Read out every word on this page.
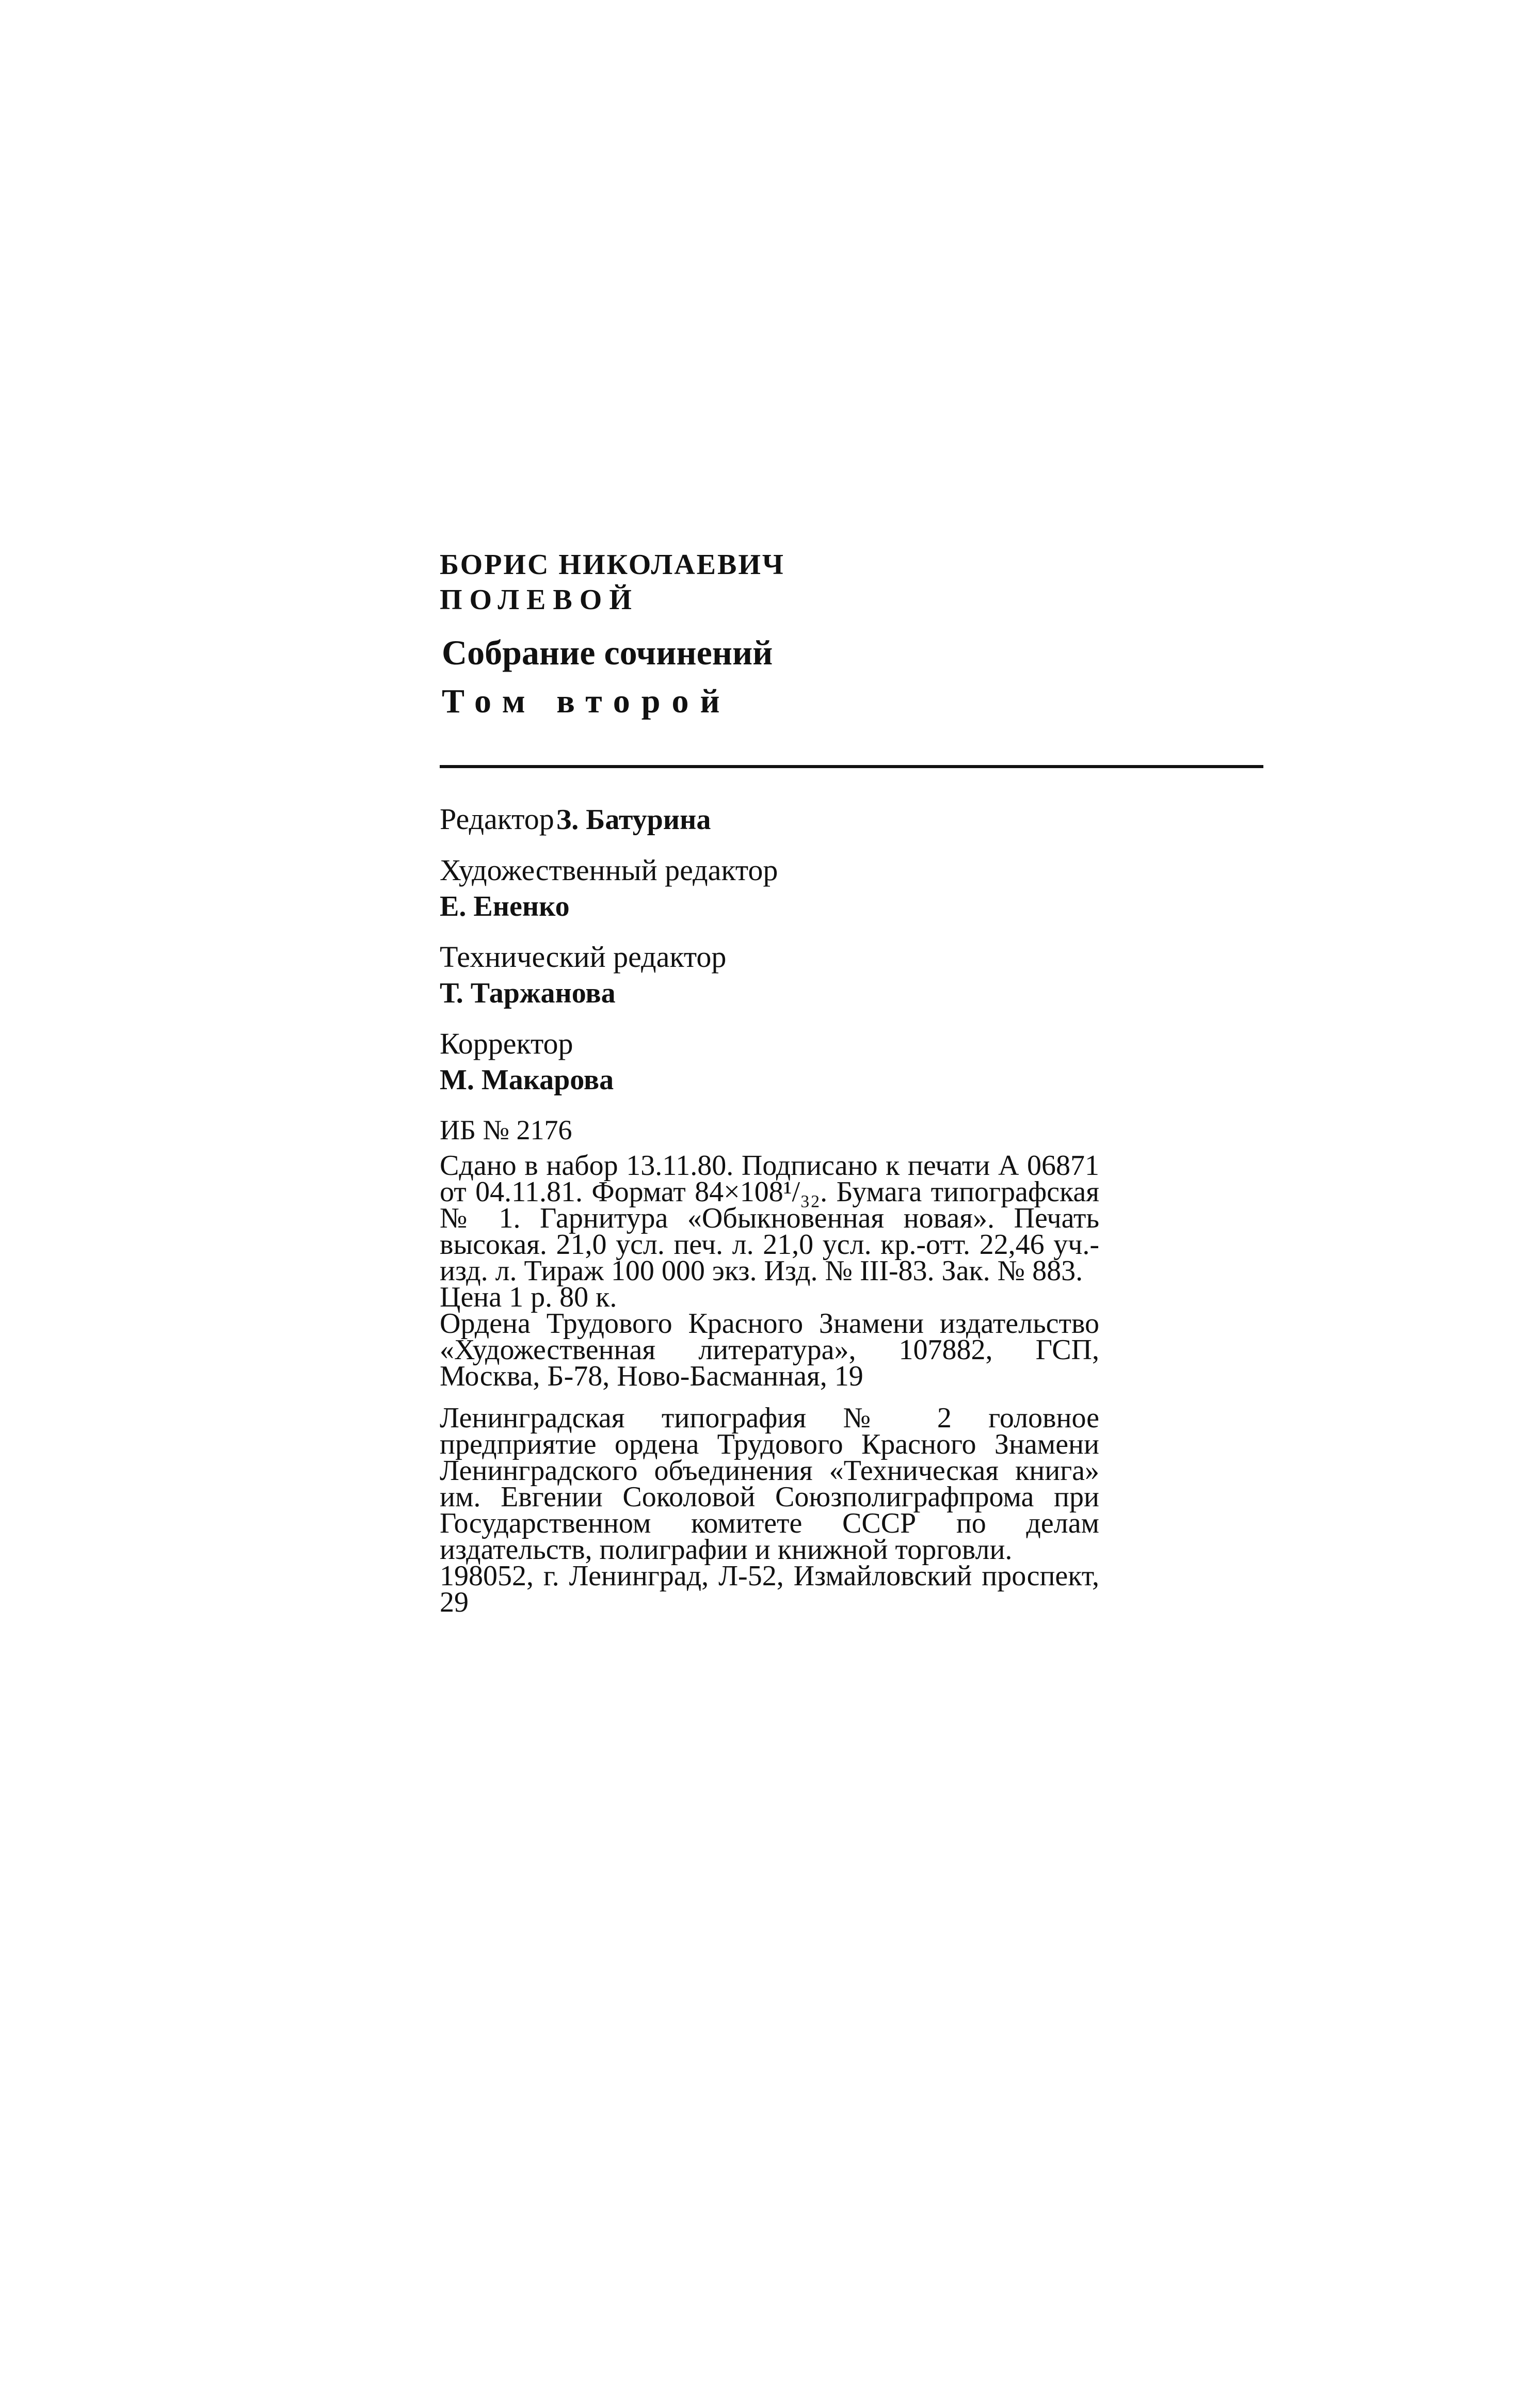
БОРИС НИКОЛАЕВИЧ
ПОЛЕВОЙ
Собрание сочинений
Том второй
Редактор З. Батурина
Художественный редактор
Е. Ененко
Технический редактор
Т. Таржанова
Корректор
М. Макарова
ИБ № 2176
Сдано в набор 13.11.80. Подписано к печати А 06871 от 04.11.81. Формат 84×108¹/₃₂. Бумага типографская № 1. Гарнитура «Обыкновенная новая». Печать высокая. 21,0 усл. печ. л. 21,0 усл. кр.-отт. 22,46 уч.-изд. л. Тираж 100 000 экз. Изд. № III-83. Зак. № 883.
Цена 1 р. 80 к.
Ордена Трудового Красного Знамени издательство «Художественная литература», 107882, ГСП, Москва, Б-78, Ново-Басманная, 19
Ленинградская типография № 2 головное предприятие ордена Трудового Красного Знамени Ленинградского объединения «Техническая книга» им. Евгении Соколовой Союзполиграфпрома при Государственном комитете СССР по делам издательств, полиграфии и книжной торговли.
198052, г. Ленинград, Л-52, Измайловский проспект, 29
